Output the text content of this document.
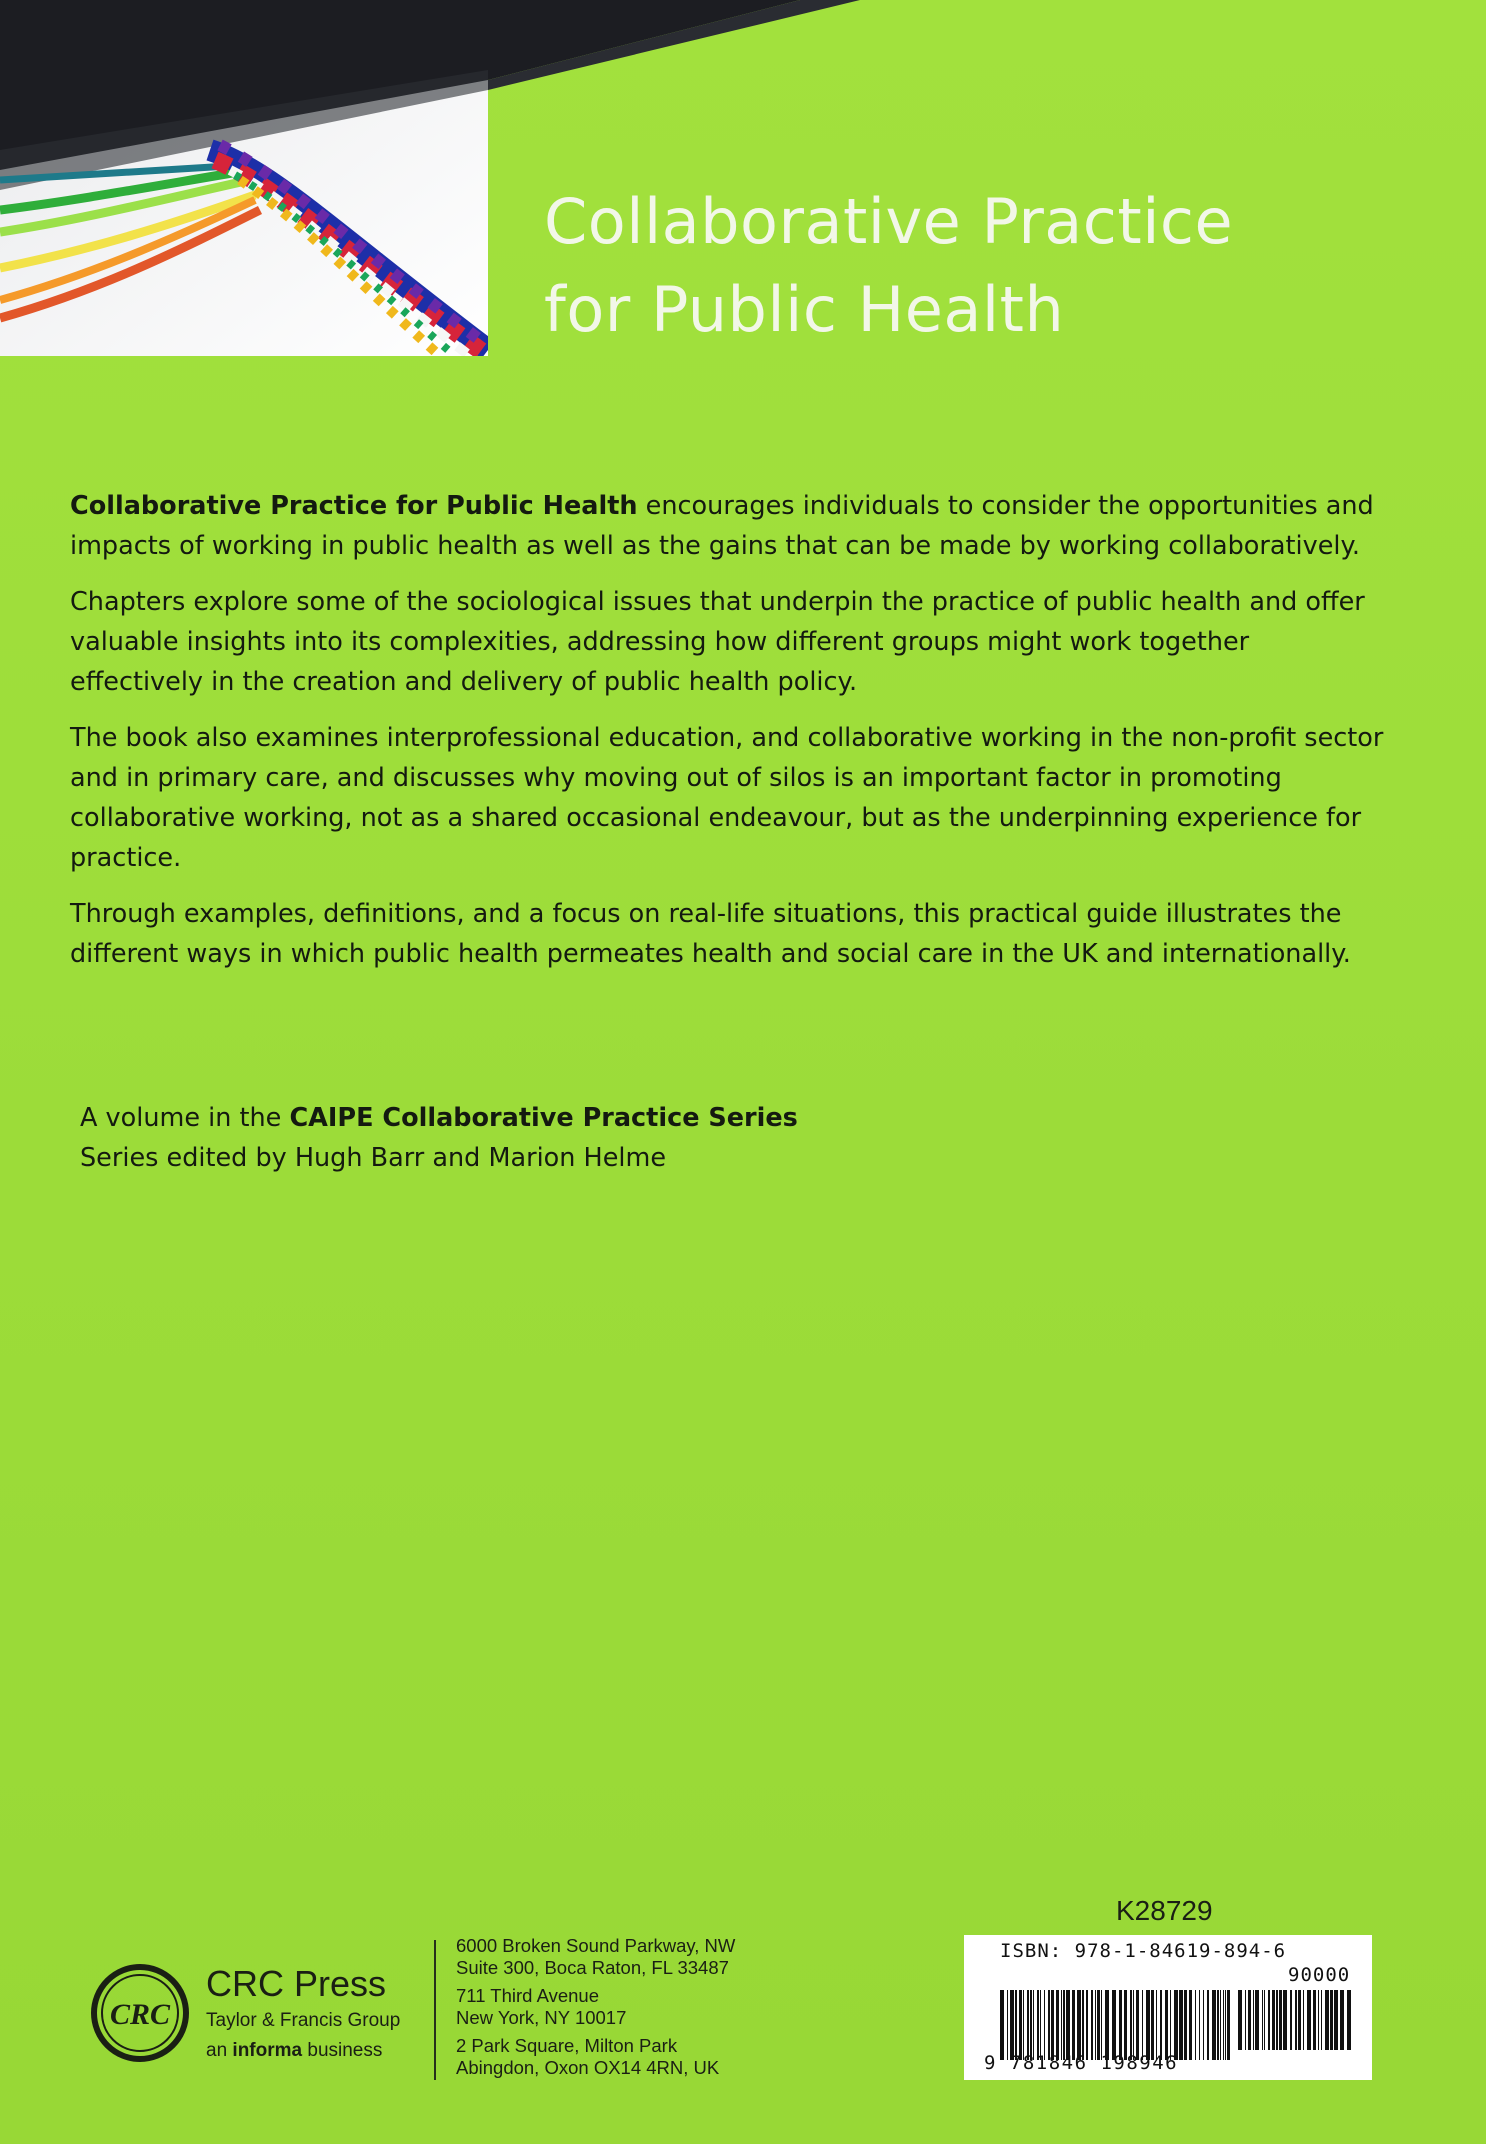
Collaborative Practice
for Public Health

Collaborative Practice for Public Health encourages individuals to consider the opportunities and impacts of working in public health as well as the gains that can be made by working collaboratively.

Chapters explore some of the sociological issues that underpin the practice of public health and offer valuable insights into its complexities, addressing how different groups might work together effectively in the creation and delivery of public health policy.

The book also examines interprofessional education, and collaborative working in the non-profit sector and in primary care, and discusses why moving out of silos is an important factor in promoting collaborative working, not as a shared occasional endeavour, but as the underpinning experience for practice.

Through examples, definitions, and a focus on real-life situations, this practical guide illustrates the different ways in which public health permeates health and social care in the UK and internationally.

A volume in the CAIPE Collaborative Practice Series
Series edited by Hugh Barr and Marion Helme
K28729
CRC
CRC Press
Taylor & Francis Group
an informa business
6000 Broken Sound Parkway, NW
Suite 300, Boca Raton, FL 33487
711 Third Avenue
New York, NY 10017
2 Park Square, Milton Park
Abingdon, Oxon OX14 4RN, UK
ISBN: 978-1-84619-894-6
90000
9 781846 198946
